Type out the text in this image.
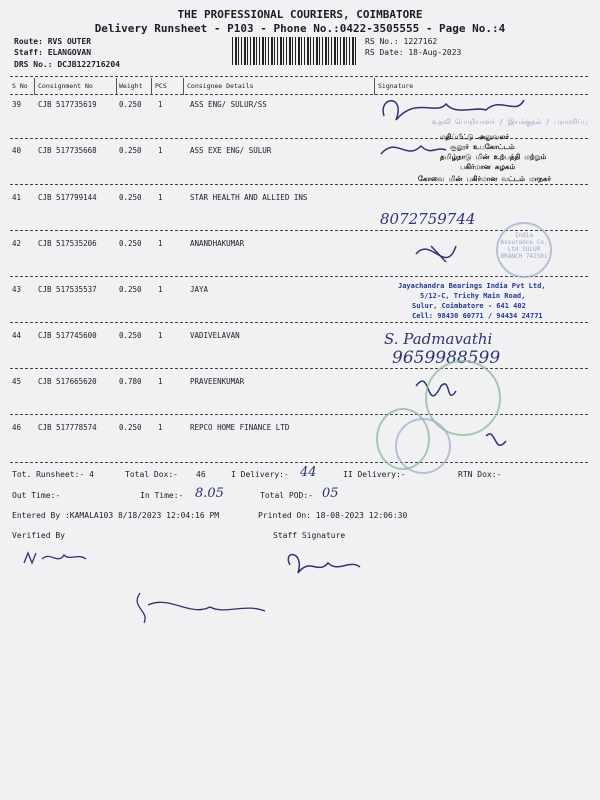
THE PROFESSIONAL COURIERS, COIMBATORE
Delivery Runsheet - P103 - Phone No.:0422-3505555 - Page No.:4
Route: RVS OUTER
Staff: ELANGOVAN
DRS No.: DCJB122716204
RS No.: 1227162
RS Date: 18-Aug-2023
S No Consignment No	Weight PCS	Consignee Details	Signature
39 CJB 517735619	0.250 1	ASS ENG/ SULUR/SS
40 CJB 517735668	0.250 1	ASS EXE ENG/ SULUR
41 CJB 517799144	0.250 1	STAR HEALTH AND ALLIED INS
42 CJB 517535206	0.250 1	ANANDHAKUMAR
43 CJB 517535537	0.250 1	JAYA
44 CJB 517745600	0.250 1	VADIVELAVAN
45 CJB 517665620	0.780 1	PRAVEENKUMAR
46 CJB 517778574	0.250 1	REPCO HOME FINANCE LTD
உதவி பொறியாளர் / இயக்குதல் / பராமரிப்பு
மதிப்பீட்டு அலுவலர்
சூலூர் உபகோட்டம்
தமிழ்நாடு மின் உற்பத்தி மற்றும்
பகிர்மான கழகம்
கோவை மின் பகிர்மான வட்டம் மாநகர்
8072759744
India Assurance Co. Ltd SULUR BRANCH 741501
Jayachandra Bearings India Pvt Ltd,
5/12-C, Trichy Main Road,
Sulur, Coimbatore - 641 402
Cell: 98430 60771 / 94434 24771
S. Padmavathi
9659988599
Tot. Runsheet:- 4	Total Dox:- 46	I Delivery:- 44	II Delivery:-	RTN Dox:-
Out Time:-	In Time:- 8.05	Total POD:- 05
Entered By :KAMALA103 8/18/2023 12:04:16 PM	Printed On: 18-08-2023 12:06:30
Verified By	Staff Signature
